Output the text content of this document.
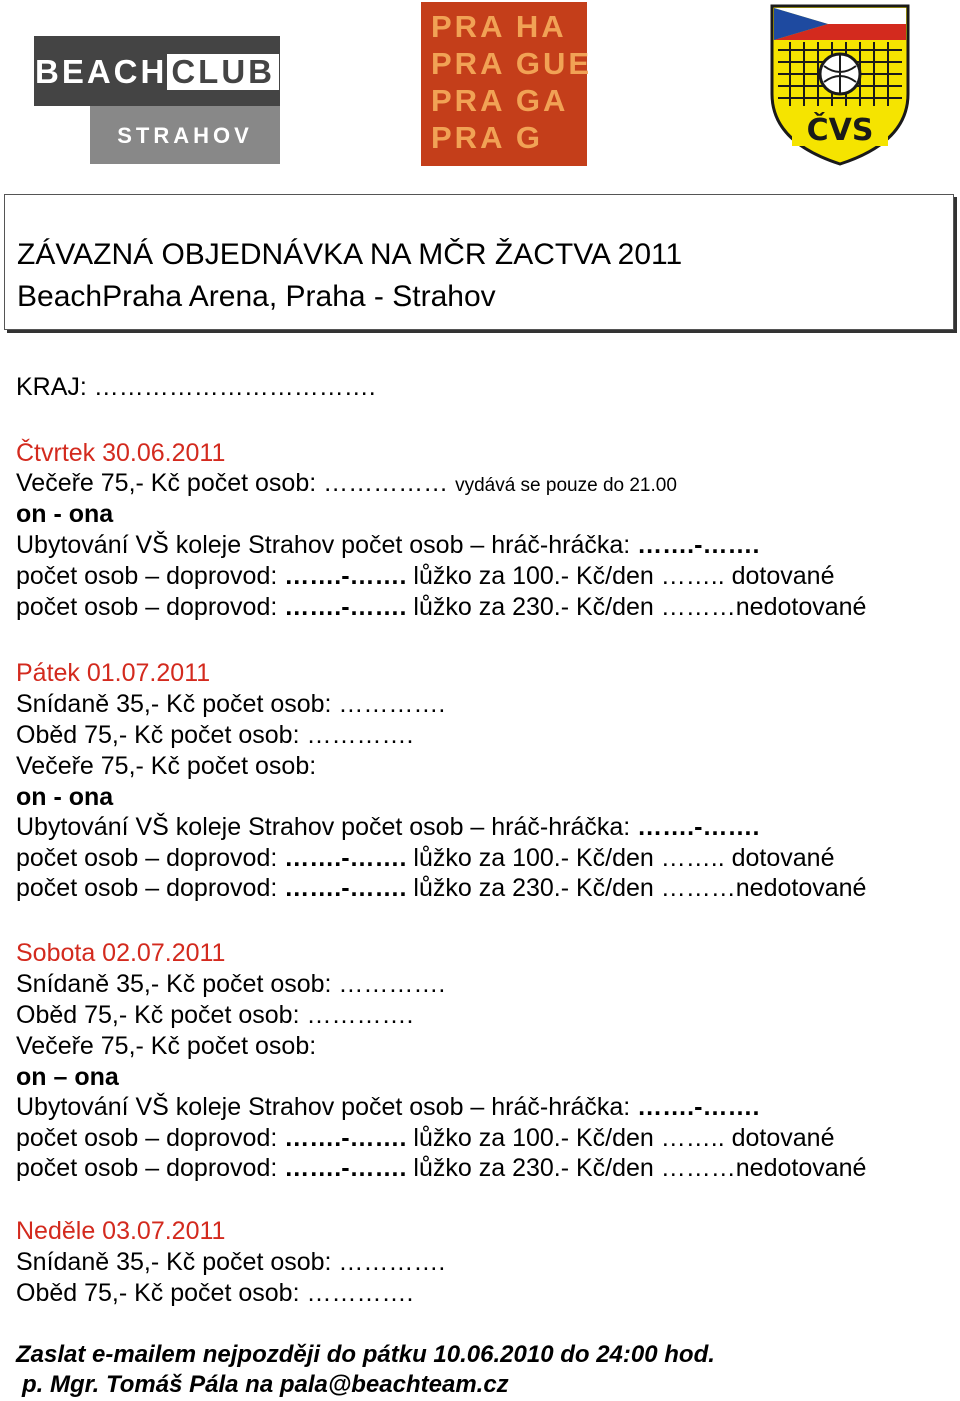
BEACH CLUB
STRAHOV
PRA HA
PRA GUE
PRA GA
PRA G	ČVS
ZÁVAZNÁ OBJEDNÁVKA NA MČR ŽACTVA 2011
BeachPraha Arena, Praha - Strahov
KRAJ: …………………………….
Čtvrtek 30.06.2011
Večeře 75,- Kč počet osob: …………… vydává se pouze do 21.00
on - ona
Ubytování VŠ koleje Strahov počet osob – hráč-hráčka: …….-…….
počet osob – doprovod: …….-……. lůžko za 100.- Kč/den …….. dotované
počet osob – doprovod: …….-……. lůžko za 230.- Kč/den ………nedotované
Pátek 01.07.2011
Snídaně 35,- Kč počet osob: ………….
Oběd 75,- Kč počet osob: ………….
Večeře 75,- Kč počet osob:
on - ona
Ubytování VŠ koleje Strahov počet osob – hráč-hráčka: …….-…….
počet osob – doprovod: …….-……. lůžko za 100.- Kč/den …….. dotované
počet osob – doprovod: …….-……. lůžko za 230.- Kč/den ………nedotované
Sobota 02.07.2011
Snídaně 35,- Kč počet osob: ………….
Oběd 75,- Kč počet osob: ………….
Večeře 75,- Kč počet osob:
on – ona
Ubytování VŠ koleje Strahov počet osob – hráč-hráčka: …….-…….
počet osob – doprovod: …….-……. lůžko za 100.- Kč/den …….. dotované
počet osob – doprovod: …….-……. lůžko za 230.- Kč/den ………nedotované
Neděle 03.07.2011
Snídaně 35,- Kč počet osob: ………….
Oběd 75,- Kč počet osob: ………….
Zaslat e-mailem nejpozději do pátku 10.06.2010 do 24:00 hod.
p. Mgr. Tomáš Pála na pala@beachteam.cz
